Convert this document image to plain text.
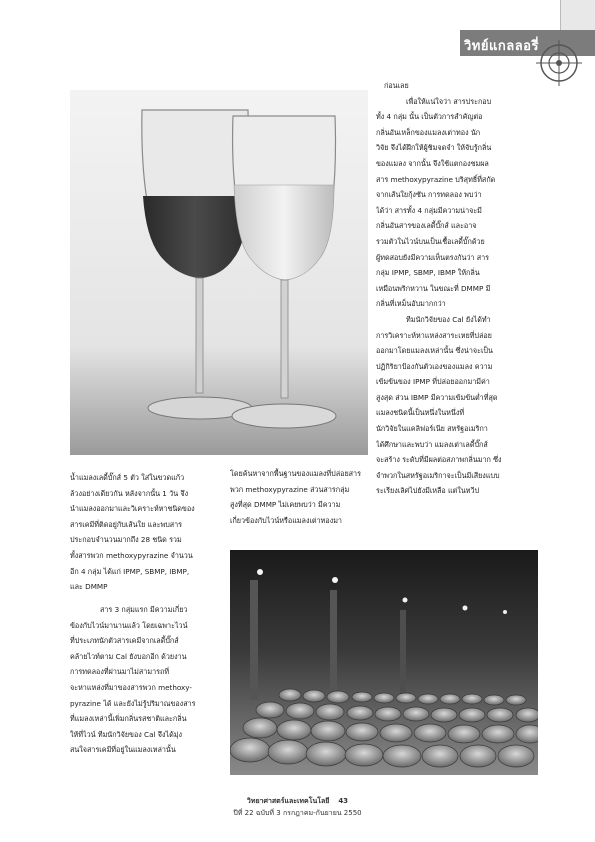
วิทย์แกลลอรี่
ก่อนเลย
เพื่อให้แน่ใจว่า สารประกอบ
ทั้ง 4 กลุ่ม นั้น เป็นตัวการสำคัญต่อ
กลิ่นอันเหล็กของแมลงเต่าทอง นัก
วิจัย จึงได้ฝึกให้ผู้ชิมจดจำ ให้จับรู้กลิ่น
ของแมลง จากนั้น จึงใช้แตกองชมผล
สาร methoxypyrazine บริสุทธิ์ที่สกัด
จากเส้นใยกุ้งซัน การทดลอง พบว่า
ได้ว่า สารทั้ง 4 กลุ่มมีความน่าจะมี
กลิ่นอันสารของเลดี้บั๊กส์ และอาจ
รวมตัวในไวน์บนเป็นเชื้อเลดี้บั๊กด้วย
ผู้ทดสอบยังมีความเห็นตรงกันว่า สาร
กลุ่ม IPMP, SBMP, IBMP ให้กลิ่น
เหมือนพริกหวาน ในขณะที่ DMMP มี
กลิ่นที่เหม็นอับมากกว่า
ทีมนักวิจัยของ Cal ยังได้ทำ
การวิเคราะห์หาแหล่งสาระเหยที่ปล่อย
ออกมาโดยแมลงเหล่านั้น ซึ่งน่าจะเป็น
ปฏิกิริยาป้องกันตัวเองของแมลง ความ
เข้มข้นของ IPMP ที่ปล่อยออกมามีค่า
สูงสุด ส่วน IBMP มีความเข้มข้นต่ำที่สุด
แมลงชนิดนี้เป็นหนึ่งในหนึ่งที่
นักวิจัยในแคลิฟอร์เนีย สหรัฐอเมริกา
ได้ศึกษาและพบว่า แมลงเต่าเลดี้บั๊กส์
จะสร้าง ระดับที่มีผลต่อสภาพกลิ่นมาก ซึ่ง
จำพวกในสหรัฐอเมริกาจะเป็นมีเสียงแบบ
ระเรียงเลิศไปยังมีเหลือ แต่ในทวีป
น้ำแมลงเลดี้บั๊กส์ 5 ตัว ใส่ในขวดแก้ว
ล้วงอย่างเดียวกัน หลังจากนั้น 1 วัน จึง
นำแมลงออกมาและวิเคราะห์หาชนิดของ
สารเคมีที่ติดอยู่กับเส้นใย และพบสาร
ประกอบจำนวนมากถึง 28 ชนิด รวม
ทั้งสารพวก methoxypyrazine จำนวน
อีก 4 กลุ่ม ได้แก่ IPMP, SBMP, IBMP,
และ DMMP
โดยค้นหาจากพื้นฐานของแมลงที่ปล่อยสาร
พวก methoxypyrazine ส่วนสารกลุ่ม
สูงที่สุด DMMP ไม่เคยพบว่า มีความ
เกี่ยวข้องกับไวน์หรือแมลงเต่าทองมา
สาร 3 กลุ่มแรก มีความเกี่ยว
ข้องกับไวน์มานานแล้ว โดยเฉพาะไวน์
ที่ประเภทนักตัวสารเคมีจากเลดี้บั๊กส์
คล้ายไวท์ตาม Cal ยังบอกอีก ด้วยงาน
การทดลองที่ผ่านมาไม่สามารถที่
จะหาแหล่งที่มาของสารพวก methoxy-
pyrazine ได้ และยังไม่รู้ปริมาณของสาร
ที่แมลงเหล่านี้เพิ่มกลิ่นรสชาติและกลิ่น
ให้ที่ไวน์ ทีมนักวิจัยของ Cal จึงได้มุ่ง
สนใจสารเคมีที่อยู่ในแมลงเหล่านั้น
วิทยาศาสตร์และเทคโนโลยี 43
ปีที่ 22 ฉบับที่ 3 กรกฎาคม-กันยายน 2550
